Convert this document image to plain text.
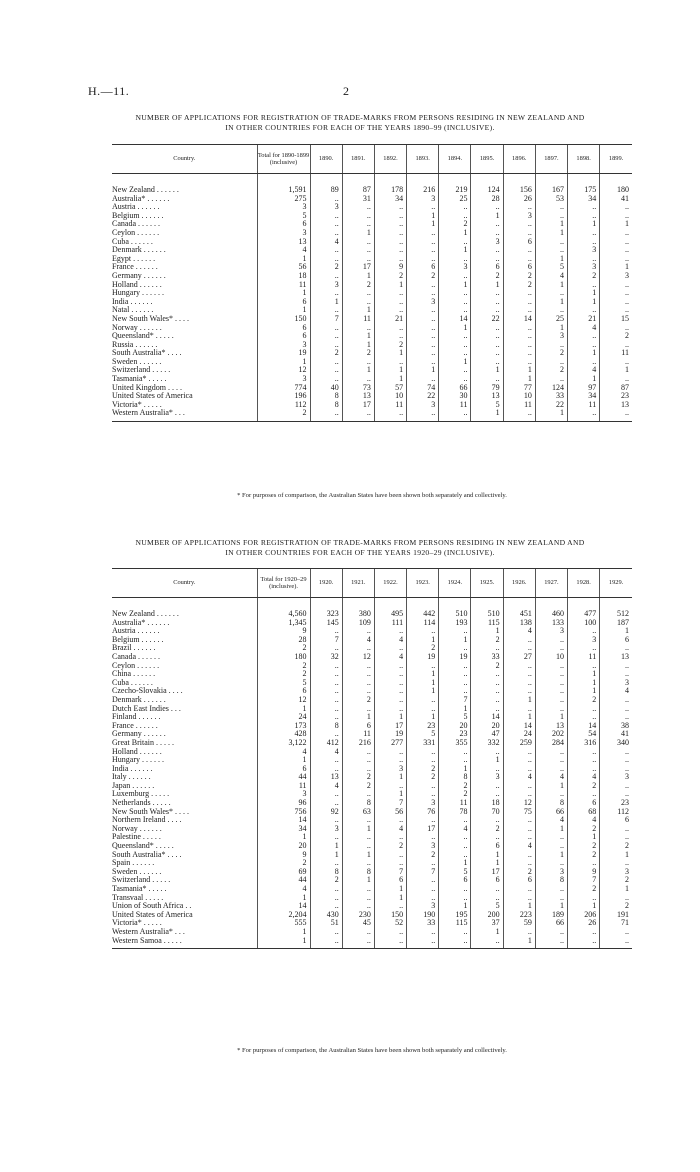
H.—11.	2
NUMBER OF APPLICATIONS FOR REGISTRATION OF TRADE-MARKS FROM PERSONS RESIDING IN NEW ZEALAND AND
IN OTHER COUNTRIES FOR EACH OF THE YEARS 1890–99 (INCLUSIVE).
Country.	Total for 1890-1899 (inclusive)	1890.	1891.	1892.	1893.	1894.	1895.	1896.	1897.	1898.	1899.

New Zealand . . . . . .	1,591	89	87	178	216	219	124	156	167	175	180
Australia* . . . . . .	275	..	31	34	3	25	28	26	53	34	41
Austria . . . . . .	3	3	..	..	..	..	..	..	..	..	..
Belgium . . . . . .	5	..	..	..	1	..	1	3	..	..	..
Canada . . . . . .	6	..	..	..	1	2	..	..	1	1	1
Ceylon . . . . . .	3	..	1	..	..	1	..	..	1	..	..
Cuba . . . . . .	13	4	..	..	..	..	3	6	..	..	..
Denmark . . . . . .	4	..	..	..	..	1	..	..	..	3	..
Egypt . . . . . .	1	..	..	..	..	..	..	..	1	..	..
France . . . . . .	56	2	17	9	6	3	6	6	5	3	1
Germany . . . . . .	18	..	1	2	2	..	2	2	4	2	3
Holland . . . . . .	11	3	2	1	..	1	1	2	1	..	..
Hungary . . . . . .	1	..	..	..	..	..	..	..	..	1	..
India . . . . . .	6	1	..	..	3	..	..	..	1	1	..
Natal . . . . . .	1	..	1	..	..	..	..	..	..	..	..
New South Wales* . . . .	150	7	11	21	..	14	22	14	25	21	15
Norway . . . . . .	6	..	..	..	..	1	..	..	1	4	..
Queensland* . . . . .	6	..	1	..	..	..	..	..	3	..	2
Russia . . . . . .	3	..	1	2	..	..	..	..	..	..	..
South Australia* . . . .	19	2	2	1	..	..	..	..	2	1	11
Sweden . . . . . .	1	..	..	..	..	1	..	..	..	..	..
Switzerland . . . . .	12	..	1	1	1	..	1	1	2	4	1
Tasmania* . . . . .	3	..	..	1	..	..	..	1	..	1	..
United Kingdom . . . .	774	40	73	57	74	66	79	77	124	97	87
United States of America	196	8	13	10	22	30	13	10	33	34	23
Victoria* . . . . .	112	8	17	11	3	11	5	11	22	11	13
Western Australia* . . .	2	..	..	..	..	..	1	..	1	..	..
* For purposes of comparison, the Australian States have been shown both separately and collectively.
NUMBER OF APPLICATIONS FOR REGISTRATION OF TRADE-MARKS FROM PERSONS RESIDING IN NEW ZEALAND AND
IN OTHER COUNTRIES FOR EACH OF THE YEARS 1920–29 (INCLUSIVE).
Country.	Total for 1920–29 (inclusive).	1920.	1921.	1922.	1923.	1924.	1925.	1926.	1927.	1928.	1929.

New Zealand . . . . . .	4,560	323	380	495	442	510	510	451	460	477	512
Australia* . . . . . .	1,345	145	109	111	114	193	115	138	133	100	187
Austria . . . . . .	9	..	..	..	..	..	1	4	3	..	1
Belgium . . . . . .	28	7	4	4	1	1	2	..	..	3	6
Brazil . . . . . .	2	..	..	..	2	..	..	..	..	..	..
Canada . . . . . .	180	32	12	4	19	19	33	27	10	11	13
Ceylon . . . . . .	2	..	..	..	..	..	2	..	..	..	..
China . . . . . .	2	..	..	..	1	..	..	..	..	1	..
Cuba . . . . . .	5	..	..	..	1	..	..	..	..	1	3
Czecho-Slovakia . . . .	6	..	..	..	1	..	..	..	..	1	4
Denmark . . . . . .	12	..	2	..	..	7	..	1	..	2	..
Dutch East Indies . . .	1	..	..	..	..	1	..	..	..	..	..
Finland . . . . . .	24	..	1	1	1	5	14	1	1	..	..
France . . . . . .	173	8	6	17	23	20	20	14	13	14	38
Germany . . . . . .	428	..	11	19	5	23	47	24	202	54	41
Great Britain . . . . .	3,122	412	216	277	331	355	332	259	284	316	340
Holland . . . . . .	4	4	..	..	..	..	..	..	..	..	..
Hungary . . . . . .	1	..	..	..	..	..	1	..	..	..	..
India . . . . . .	6	..	..	3	2	1	..	..	..	..	..
Italy . . . . . .	44	13	2	1	2	8	3	4	4	4	3
Japan . . . . . .	11	4	2	..	..	2	..	..	1	2	..
Luxemburg . . . . .	3	..	..	1	..	2	..	..	..	..	..
Netherlands . . . . .	96	..	8	7	3	11	18	12	8	6	23
New South Wales* . . . .	756	92	63	56	76	78	70	75	66	68	112
Northern Ireland . . . .	14	..	..	..	..	..	..	..	4	4	6
Norway . . . . . .	34	3	1	4	17	4	2	..	1	2	..
Palestine . . . . .	1	..	..	..	..	..	..	..	..	1	..
Queensland* . . . . .	20	1	..	2	3	..	6	4	..	2	2
South Australia* . . . .	9	1	1	..	2	..	1	..	1	2	1
Spain . . . . . .	2	..	..	..	..	1	1	..	..	..	..
Sweden . . . . . .	69	8	8	7	7	5	17	2	3	9	3
Switzerland . . . . .	44	2	1	6	..	6	6	6	8	7	2
Tasmania* . . . . .	4	..	..	1	..	..	..	..	..	2	1
Transvaal . . . . .	1	..	..	1	..	..	..	..	..	..	..
Union of South Africa . .	14	..	..	..	3	1	5	1	1	1	2
United States of America	2,204	430	230	150	190	195	200	223	189	206	191
Victoria* . . . . .	555	51	45	52	33	115	37	59	66	26	71
Western Australia* . . .	1	..	..	..	..	..	1	..	..	..	..
Western Samoa . . . . .	1	..	..	..	..	..	..	1	..	..	..
* For purposes of comparison, the Australian States have been shown both separately and collectively.
